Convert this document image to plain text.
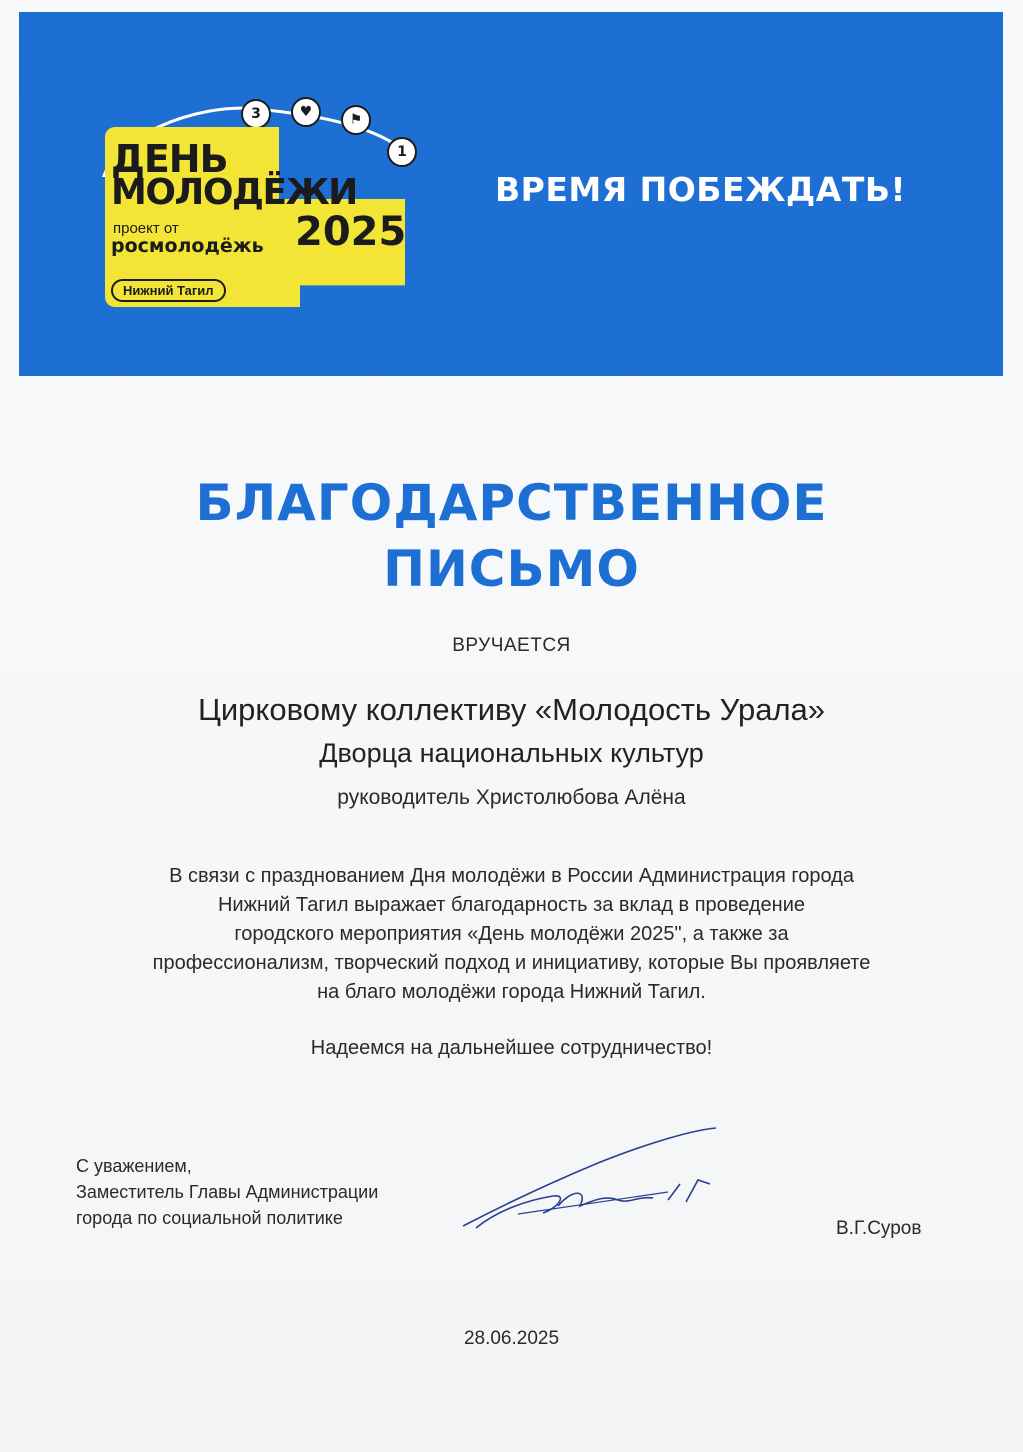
3	♥	⚑
1
ДЕНЬ
МОЛОДЁЖИ
проект от
росмолодёжь 2025
Нижний Тагил
ВРЕМЯ ПОБЕЖДАТЬ!
БЛАГОДАРСТВЕННОЕ
ПИСЬМО
ВРУЧАЕТСЯ
Цирковому коллективу «Молодость Урала»
Дворца национальных культур
руководитель Христолюбова Алёна
В связи с празднованием Дня молодёжи в России Администрация города
Нижний Тагил выражает благодарность за вклад в проведение
городского мероприятия «День молодёжи 2025", а также за
профессионализм, творческий подход и инициативу, которые Вы проявляете
на благо молодёжи города Нижний Тагил.
Надеемся на дальнейшее сотрудничество!
С уважением,
Заместитель Главы Администрации
города по социальной политике	В.Г.Суров
28.06.2025
